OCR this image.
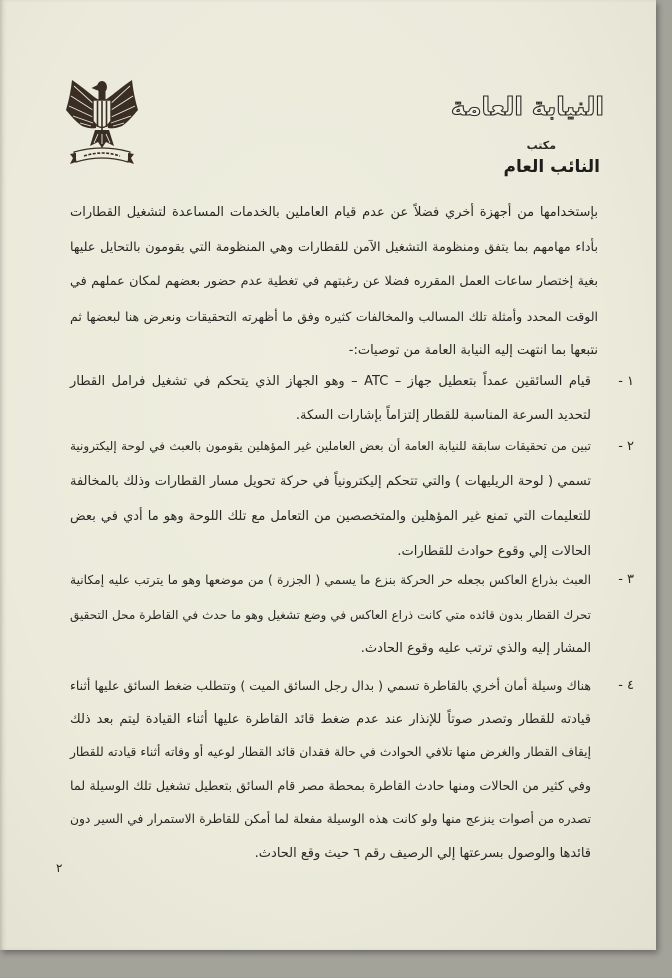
النيابة العامة
مكتب
النائب العام
بإستخدامها من أجهزة أخري فضلاً عن عدم قيام العاملين بالخدمات المساعدة لتشغيل القطارات
بأداء مهامهم بما يتفق ومنظومة التشغيل الآمن للقطارات وهي المنظومة التي يقومون بالتحايل عليها
بغية إختصار ساعات العمل المقرره فضلا عن رغبتهم في تغطية عدم حضور بعضهم لمكان عملهم في
الوقت المحدد وأمثلة تلك المسالب والمخالفات كثيره وفق ما أظهرته التحقيقات ونعرض هنا لبعضها ثم
نتبعها بما انتهت إليه النيابة العامة من توصيات:-
١ -
قيام السائقين عمداً بتعطيل جهاز – ATC – وهو الجهاز الذي يتحكم في تشغيل فرامل القطار
لتحديد السرعة المناسبة للقطار إلتزاماً بإشارات السكة.
٢ -
تبين من تحقيقات سابقة للنيابة العامة أن بعض العاملين غير المؤهلين يقومون بالعبث في لوحة إليكترونية
تسمي ( لوحة الريليهات ) والتي تتحكم إليكترونياً في حركة تحويل مسار القطارات وذلك بالمخالفة
للتعليمات التي تمنع غير المؤهلين والمتخصصين من التعامل مع تلك اللوحة وهو ما أدي في بعض
الحالات إلي وقوع حوادث للقطارات.
٣ -
العبث بذراع العاكس بجعله حر الحركة بنزع ما يسمي ( الجزرة ) من موضعها وهو ما يترتب عليه إمكانية
تحرك القطار بدون قائده متي كانت ذراع العاكس في وضع تشغيل وهو ما حدث في القاطرة محل التحقيق
المشار إليه والذي ترتب عليه وقوع الحادث.
٤ -
هناك وسيلة أمان أخري بالقاطرة تسمي ( بدال رجل السائق الميت ) وتتطلب ضغط السائق عليها أثناء
قيادته للقطار وتصدر صوتاً للإنذار عند عدم ضغط قائد القاطرة عليها أثناء القيادة ليتم بعد ذلك
إيقاف القطار والغرض منها تلافي الحوادث في حالة فقدان قائد القطار لوعيه أو وفاته أثناء قيادته للقطار
وفي كثير من الحالات ومنها حادث القاطرة بمحطة مصر قام السائق بتعطيل تشغيل تلك الوسيلة لما
تصدره من أصوات ينزعج منها ولو كانت هذه الوسيلة مفعلة لما أمكن للقاطرة الاستمرار في السير دون
قائدها والوصول بسرعتها إلي الرصيف رقم ٦ حيث وقع الحادث.
٢
